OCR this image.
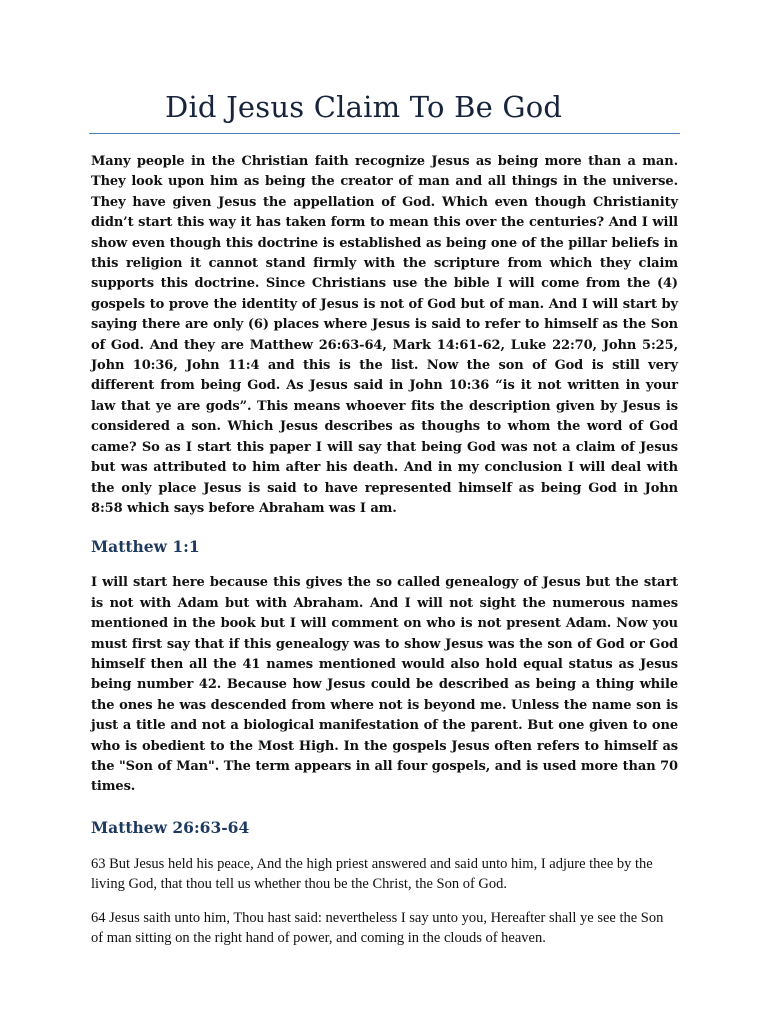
Did Jesus Claim To Be God

Many people in the Christian faith recognize Jesus as being more than a man. They look upon him as being the creator of man and all things in the universe. They have given Jesus the appellation of God. Which even though Christianity didn’t start this way it has taken form to mean this over the centuries? And I will show even though this doctrine is established as being one of the pillar beliefs in this religion it cannot stand firmly with the scripture from which they claim supports this doctrine. Since Christians use the bible I will come from the (4) gospels to prove the identity of Jesus is not of God but of man. And I will start by saying there are only (6) places where Jesus is said to refer to himself as the Son of God. And they are Matthew 26:63-64, Mark 14:61-62, Luke 22:70, John 5:25, John 10:36, John 11:4 and this is the list. Now the son of God is still very different from being God. As Jesus said in John 10:36 “is it not written in your law that ye are gods”. This means whoever fits the description given by Jesus is considered a son. Which Jesus describes as thoughs to whom the word of God came? So as I start this paper I will say that being God was not a claim of Jesus but was attributed to him after his death. And in my conclusion I will deal with the only place Jesus is said to have represented himself as being God in John 8:58 which says before Abraham was I am.

Matthew 1:1

I will start here because this gives the so called genealogy of Jesus but the start is not with Adam but with Abraham. And I will not sight the numerous names mentioned in the book but I will comment on who is not present Adam. Now you must first say that if this genealogy was to show Jesus was the son of God or God himself then all the 41 names mentioned would also hold equal status as Jesus being number 42. Because how Jesus could be described as being a thing while the ones he was descended from where not is beyond me. Unless the name son is just a title and not a biological manifestation of the parent. But one given to one who is obedient to the Most High. In the gospels Jesus often refers to himself as the "Son of Man". The term appears in all four gospels, and is used more than 70 times.

Matthew 26:63-64

63 But Jesus held his peace, And the high priest answered and said unto him, I adjure thee by the living God, that thou tell us whether thou be the Christ, the Son of God.

64 Jesus saith unto him, Thou hast said: nevertheless I say unto you, Hereafter shall ye see the Son of man sitting on the right hand of power, and coming in the clouds of heaven.
